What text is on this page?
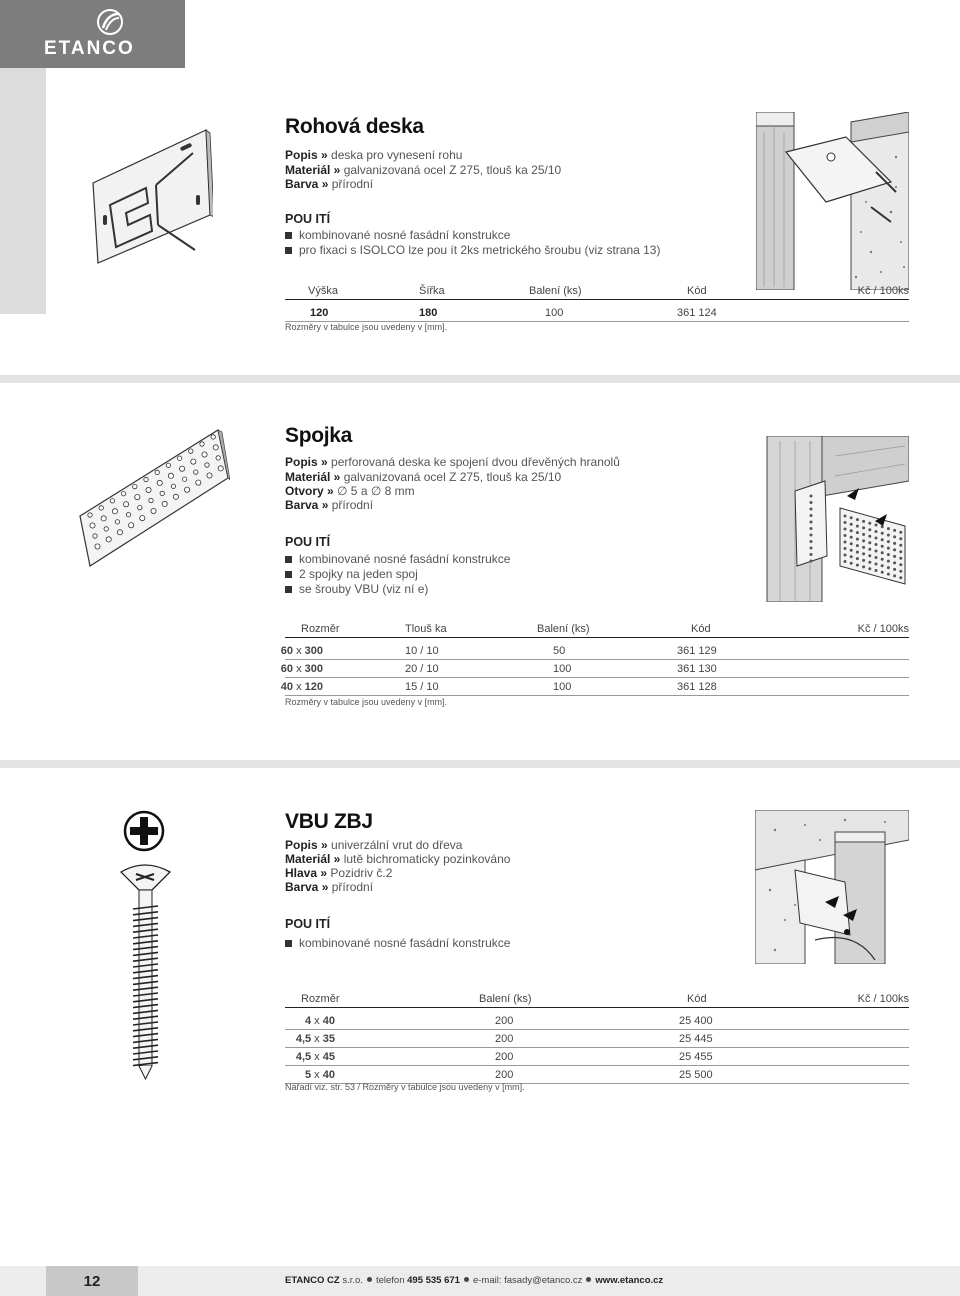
ETANCO
Rohová deska
Popis » deska pro vynesení rohu
Materiál » galvanizovaná ocel Z 275, tlouš ka 25/10
Barva » přírodní
POU ITÍ
kombinované nosné fasádní konstrukce
pro fixaci s ISOLCO lze pou ít 2ks metrického šroubu (viz strana 13)
Výška	Šířka	Balení (ks)	Kód	Kč / 100ks
120	180	100	361 124
Rozměry v tabulce jsou uvedeny v [mm].
Spojka
Popis » perforovaná deska ke spojení dvou dřevěných hranolů
Materiál » galvanizovaná ocel Z 275, tlouš ka 25/10
Otvory » ∅ 5 a ∅ 8 mm
Barva » přírodní
POU ITÍ
kombinované nosné fasádní konstrukce
2 spojky na jeden spoj
se šrouby VBU (viz ní e)
Rozměr	Tlouš ka	Balení (ks)	Kód	Kč / 100ks
60 x 300	10 / 10	50	361 129
60 x 300	20 / 10	100	361 130
40 x 120	15 / 10	100	361 128
Rozměry v tabulce jsou uvedeny v [mm].
VBU ZBJ
Popis » univerzální vrut do dřeva
Materiál » lutě bichromaticky pozinkováno
Hlava » Pozidriv č.2
Barva » přírodní
POU ITÍ
kombinované nosné fasádní konstrukce
Rozměr	Balení (ks)	Kód	Kč / 100ks
4 x 40	200	25 400
4,5 x 35	200	25 445
4,5 x 45	200	25 455
5 x 40	200	25 500
Nářadí viz. str. 53 / Rozměry v tabulce jsou uvedeny v [mm].
12	ETANCO CZ s.r.o. telefon 495 535 671 e-mail: fasady@etanco.cz www.etanco.cz
